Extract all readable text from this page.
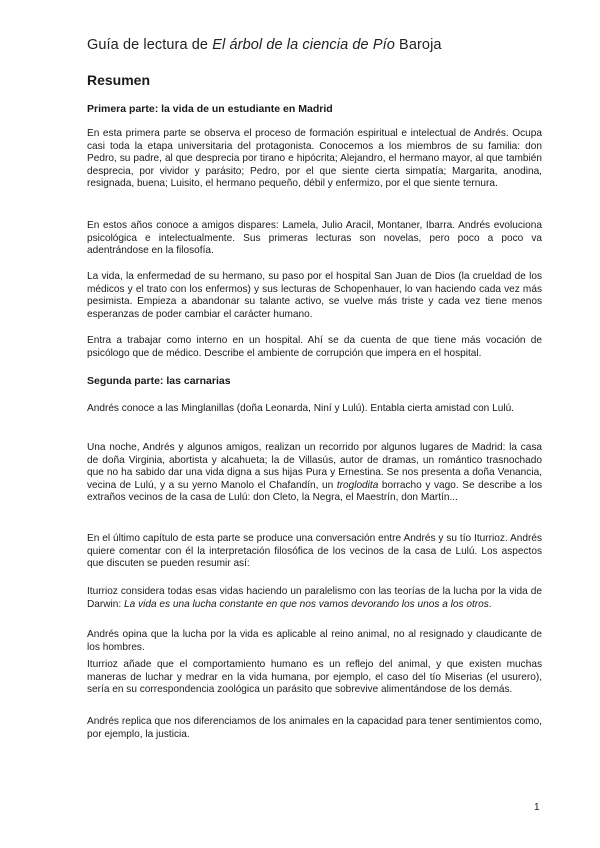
Guía de lectura de El árbol de la ciencia de Pío Baroja
Resumen
Primera parte: la vida de un estudiante en Madrid
En esta primera parte se observa el proceso de formación espiritual e intelectual de Andrés. Ocupa casi toda la etapa universitaria del protagonista. Conocemos a los miembros de su familia: don Pedro, su padre, al que desprecia por tirano e hipócrita; Alejandro, el hermano mayor, al que también desprecia, por vividor y parásito; Pedro, por el que siente cierta simpatía; Margarita, anodina, resignada, buena; Luisito, el hermano pequeño, débil y enfermizo, por el que siente ternura.
En estos años conoce a amigos dispares: Lamela, Julio Aracil, Montaner, Ibarra. Andrés evoluciona psicológica e intelectualmente. Sus primeras lecturas son novelas, pero poco a poco va adentrándose en la filosofía.
La vida, la enfermedad de su hermano, su paso por el hospital San Juan de Dios (la crueldad de los médicos y el trato con los enfermos) y sus lecturas de Schopenhauer, lo van haciendo cada vez más pesimista. Empieza a abandonar su talante activo, se vuelve más triste y cada vez tiene menos esperanzas de poder cambiar el carácter humano.
Entra a trabajar como interno en un hospital. Ahí se da cuenta de que tiene más vocación de psicólogo que de médico. Describe el ambiente de corrupción que impera en el hospital.
Segunda parte: las carnarias
Andrés conoce a las Minglanillas (doña Leonarda, Niní y Lulú). Entabla cierta amistad con Lulú.
Una noche, Andrés y algunos amigos, realizan un recorrido por algunos lugares de Madrid: la casa de doña Virginia, abortista y alcahueta; la de Villasús, autor de dramas, un romántico trasnochado que no ha sabido dar una vida digna a sus hijas Pura y Ernestina. Se nos presenta a doña Venancia, vecina de Lulú, y a su yerno Manolo el Chafandín, un troglodita borracho y vago. Se describe a los extraños vecinos de la casa de Lulú: don Cleto, la Negra, el Maestrín, don Martín...
En el último capítulo de esta parte se produce una conversación entre Andrés y su tío Iturrioz. Andrés quiere comentar con él la interpretación filosófica de los vecinos de la casa de Lulú. Los aspectos que discuten se pueden resumir así:
Iturrioz considera todas esas vidas haciendo un paralelismo con las teorías de la lucha por la vida de Darwin: La vida es una lucha constante en que nos vamos devorando los unos a los otros.
Andrés opina que la lucha por la vida es aplicable al reino animal, no al resignado y claudicante de los hombres.
Iturrioz añade que el comportamiento humano es un reflejo del animal, y que existen muchas maneras de luchar y medrar en la vida humana, por ejemplo, el caso del tío Miserias (el usurero), sería en su correspondencia zoológica un parásito que sobrevive alimentándose de los demás.
Andrés replica que nos diferenciamos de los animales en la capacidad para tener sentimientos como, por ejemplo, la justicia.
1
